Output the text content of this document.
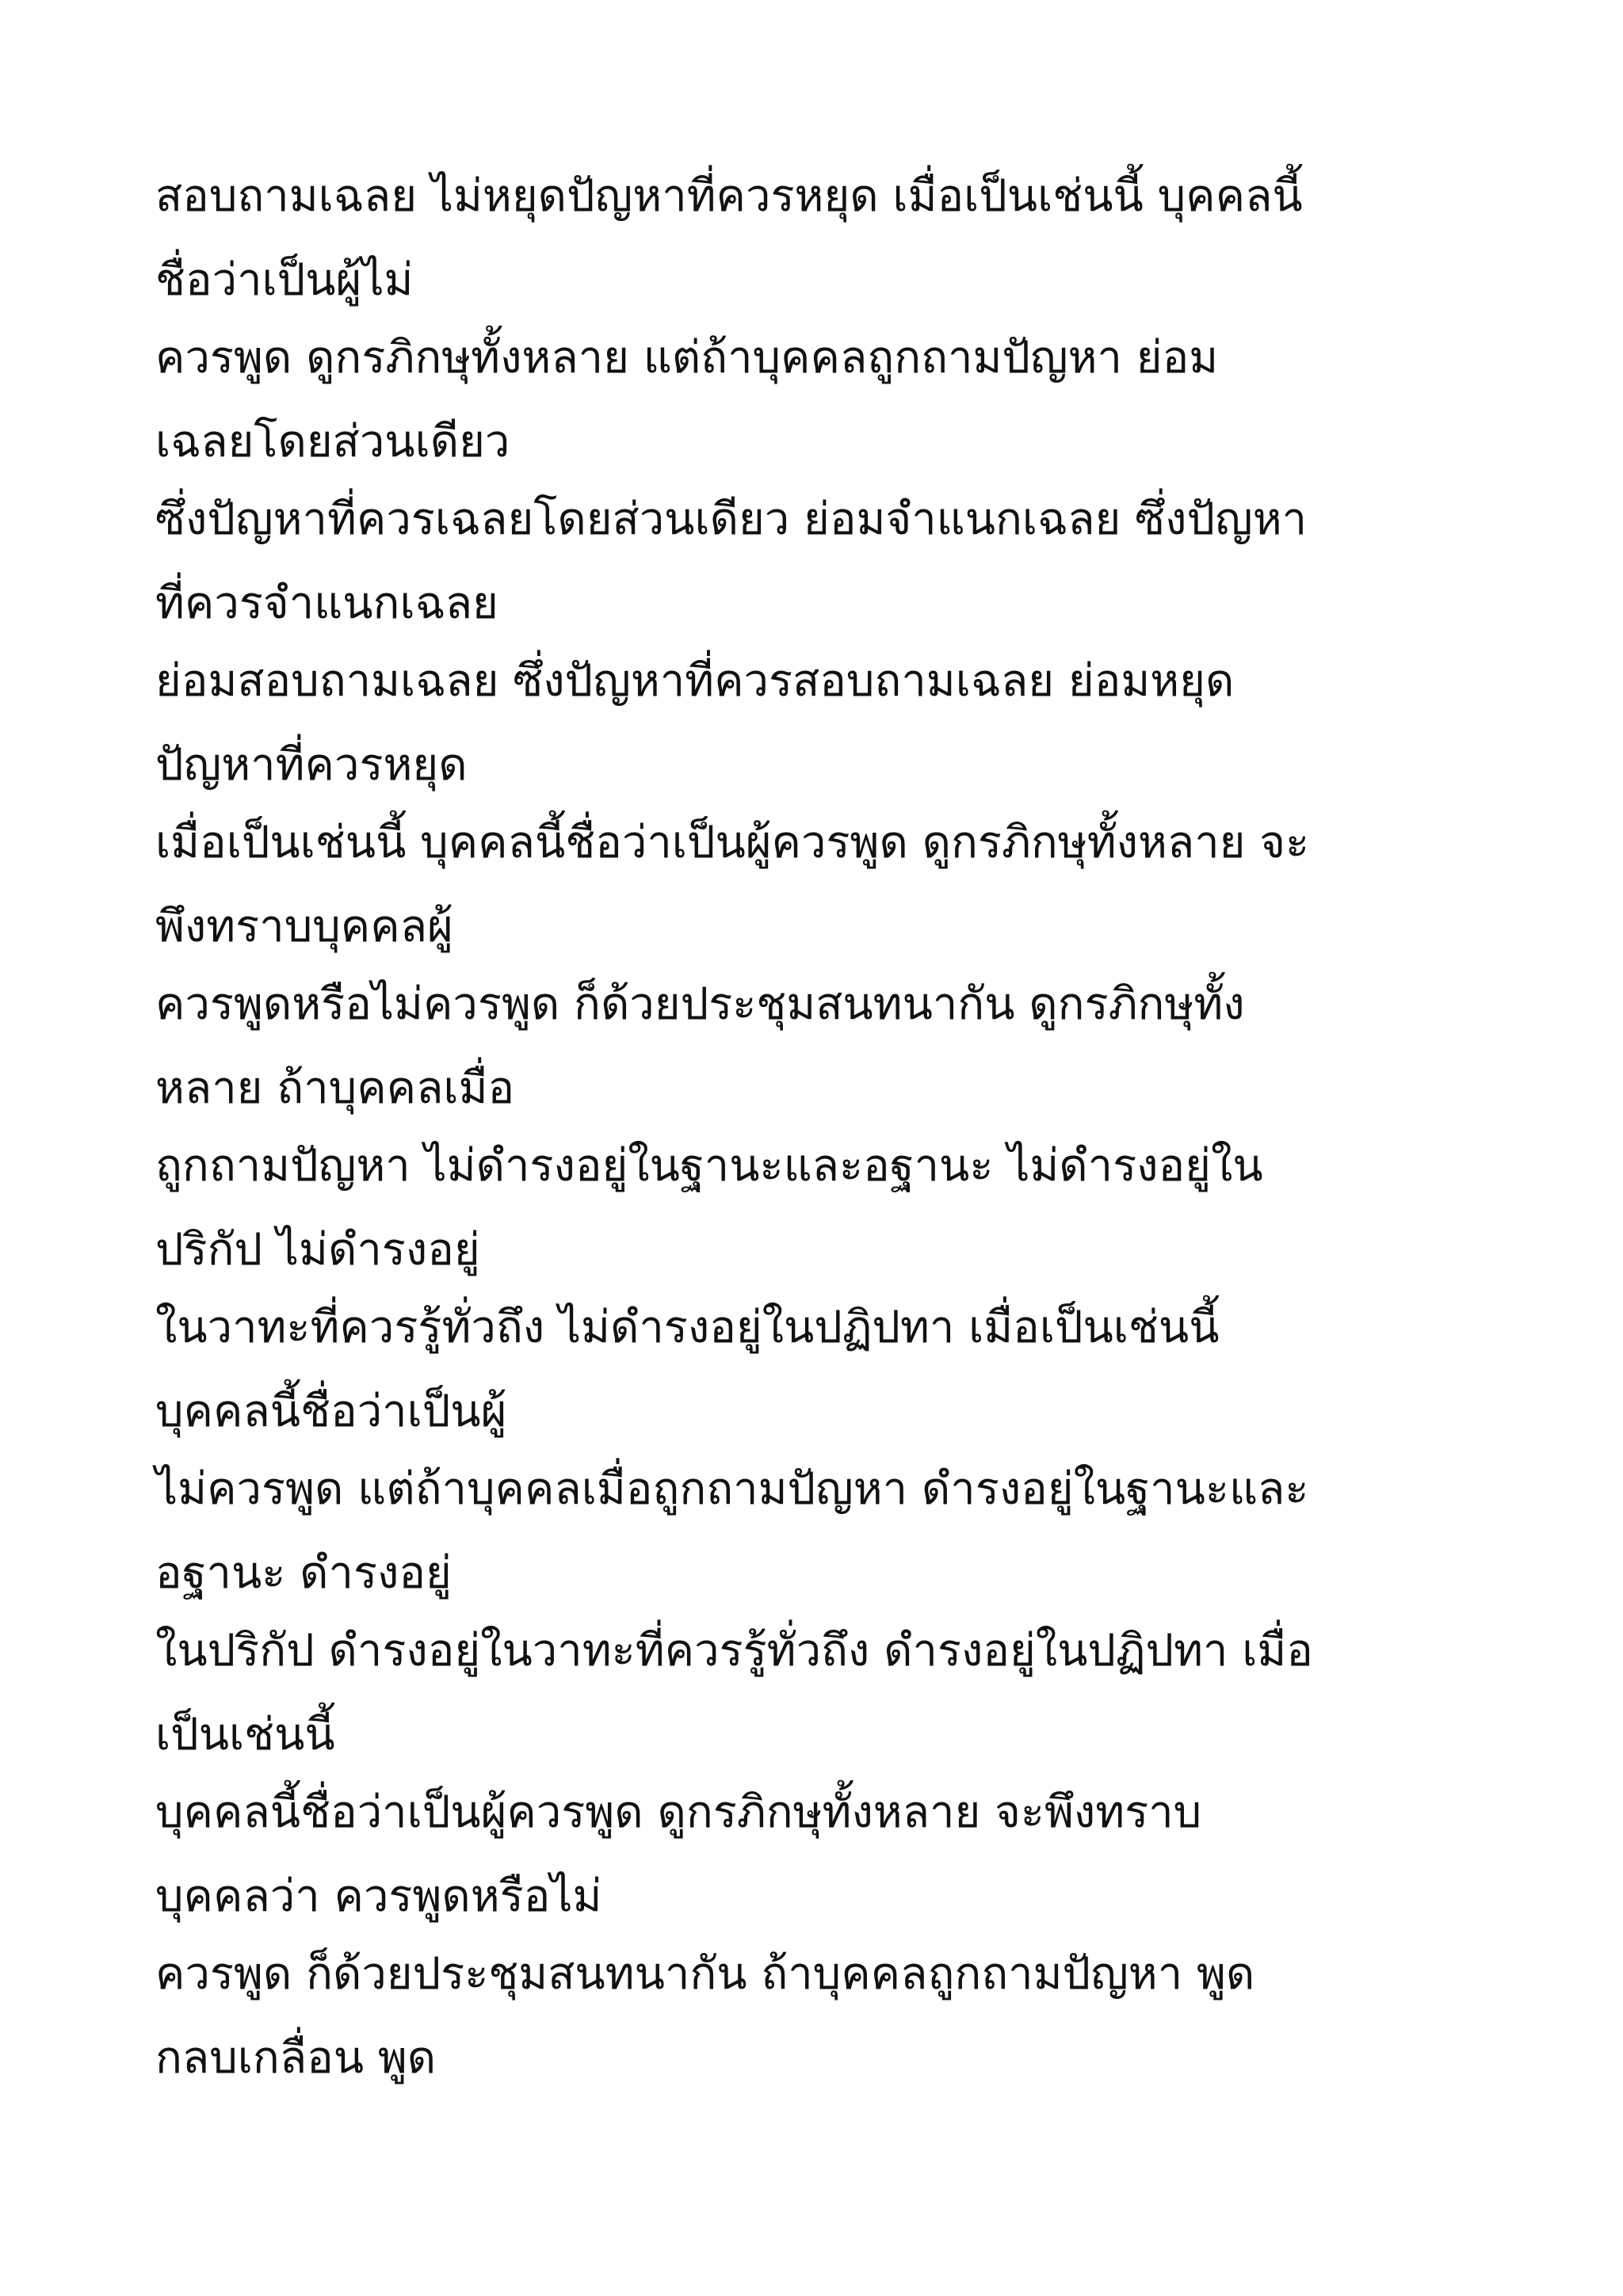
สอบถามเฉลย ไม่หยุดปัญหาที่ควรหยุด เมื่อเป็นเช่นนี้ บุคคลนี้
ชื่อว่าเป็นผู้ไม่
ควรพูด ดูกรภิกษุทั้งหลาย แต่ถ้าบุคคลถูกถามปัญหา ย่อม
เฉลยโดยส่วนเดียว
ซึ่งปัญหาที่ควรเฉลยโดยส่วนเดียว ย่อมจำแนกเฉลย ซึ่งปัญหา
ที่ควรจำแนกเฉลย
ย่อมสอบถามเฉลย ซึ่งปัญหาที่ควรสอบถามเฉลย ย่อมหยุด
ปัญหาที่ควรหยุด
เมื่อเป็นเช่นนี้ บุคคลนี้ชื่อว่าเป็นผู้ควรพูด ดูกรภิกษุทั้งหลาย จะ
พึงทราบบุคคลผู้
ควรพูดหรือไม่ควรพูด ก็ด้วยประชุมสนทนากัน ดูกรภิกษุทั้ง
หลาย ถ้าบุคคลเมื่อ
ถูกถามปัญหา ไม่ดำรงอยู่ในฐานะและอฐานะ ไม่ดำรงอยู่ใน
ปริกัป ไม่ดำรงอยู่
ในวาทะที่ควรรู้ทั่วถึง ไม่ดำรงอยู่ในปฏิปทา เมื่อเป็นเช่นนี้
บุคคลนี้ชื่อว่าเป็นผู้
ไม่ควรพูด แต่ถ้าบุคคลเมื่อถูกถามปัญหา ดำรงอยู่ในฐานะและ
อฐานะ ดำรงอยู่
ในปริกัป ดำรงอยู่ในวาทะที่ควรรู้ทั่วถึง ดำรงอยู่ในปฏิปทา เมื่อ
เป็นเช่นนี้
บุคคลนี้ชื่อว่าเป็นผู้ควรพูด ดูกรภิกษุทั้งหลาย จะพึงทราบ
บุคคลว่า ควรพูดหรือไม่
ควรพูด ก็ด้วยประชุมสนทนากัน ถ้าบุคคลถูกถามปัญหา พูด
กลบเกลื่อน พูด
